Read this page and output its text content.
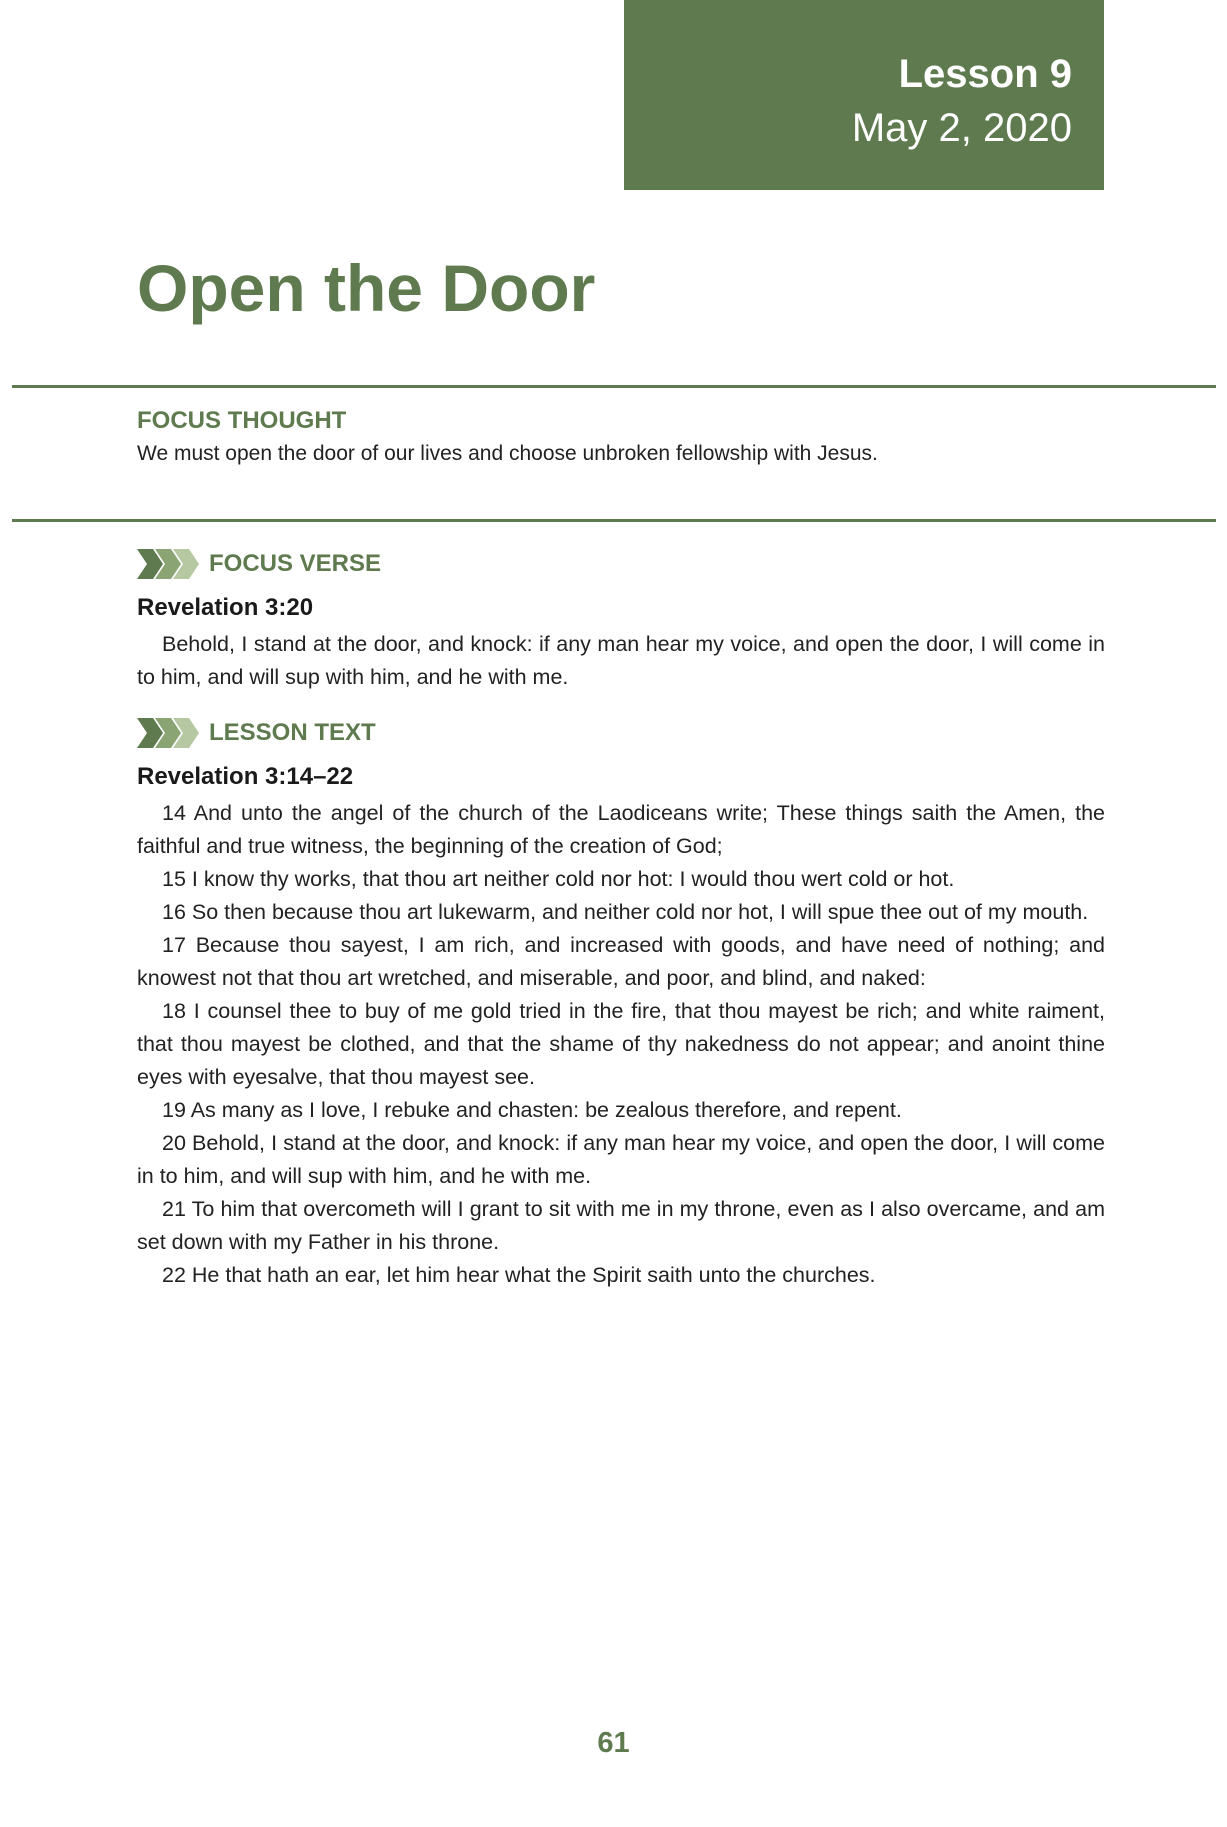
Lesson 9
May 2, 2020
Open the Door
FOCUS THOUGHT
We must open the door of our lives and choose unbroken fellowship with Jesus.
FOCUS VERSE
Revelation 3:20

Behold, I stand at the door, and knock: if any man hear my voice, and open the door, I will come in to him, and will sup with him, and he with me.

LESSON TEXT
Revelation 3:14–22

14 And unto the angel of the church of the Laodiceans write; These things saith the Amen, the faithful and true witness, the beginning of the creation of God;

15 I know thy works, that thou art neither cold nor hot: I would thou wert cold or hot.

16 So then because thou art lukewarm, and neither cold nor hot, I will spue thee out of my mouth.

17 Because thou sayest, I am rich, and increased with goods, and have need of nothing; and knowest not that thou art wretched, and miserable, and poor, and blind, and naked:

18 I counsel thee to buy of me gold tried in the fire, that thou mayest be rich; and white raiment, that thou mayest be clothed, and that the shame of thy nakedness do not appear; and anoint thine eyes with eyesalve, that thou mayest see.

19 As many as I love, I rebuke and chasten: be zealous therefore, and repent.

20 Behold, I stand at the door, and knock: if any man hear my voice, and open the door, I will come in to him, and will sup with him, and he with me.

21 To him that overcometh will I grant to sit with me in my throne, even as I also overcame, and am set down with my Father in his throne.

22 He that hath an ear, let him hear what the Spirit saith unto the churches.

61
